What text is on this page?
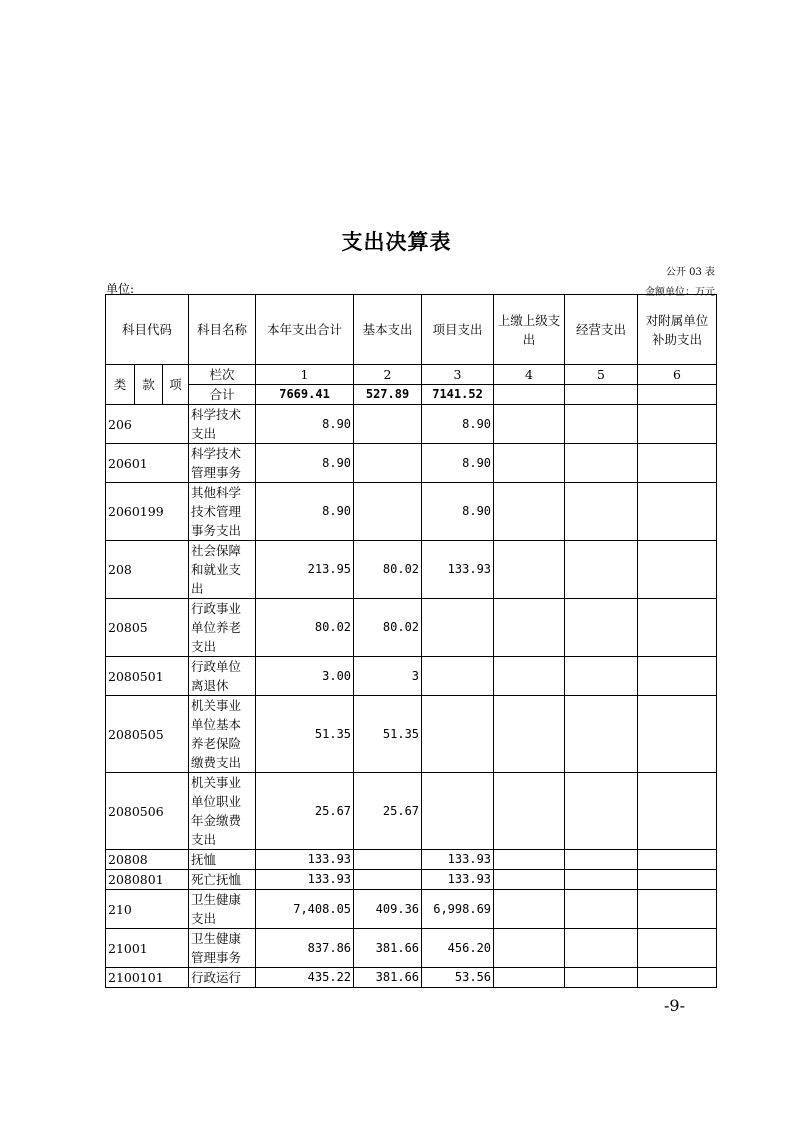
支出决算表
公开 03 表
单位:	金额单位：万元
科目代码			科目名称	本年支出合计	基本支出	项目支出	上缴上级支出	经营支出	对附属单位补助支出
类	款	项	栏次	1	2	3	4	5	6
			合计	7669.41	527.89	7141.52			
206			科学技术支出	8.90		8.90			
20601			科学技术管理事务	8.90		8.90			
2060199			其他科学技术管理事务支出	8.90		8.90			
208			社会保障和就业支出	213.95	80.02	133.93			
20805			行政事业单位养老支出	80.02	80.02				
2080501			行政单位离退休	3.00	3				
2080505			机关事业单位基本养老保险缴费支出	51.35	51.35				
2080506			机关事业单位职业年金缴费支出	25.67	25.67				
20808			抚恤	133.93		133.93			
2080801			死亡抚恤	133.93		133.93			
210			卫生健康支出	7,408.05	409.36	6,998.69			
21001			卫生健康管理事务	837.86	381.66	456.20			
2100101			行政运行	435.22	381.66	53.56			
-9-
